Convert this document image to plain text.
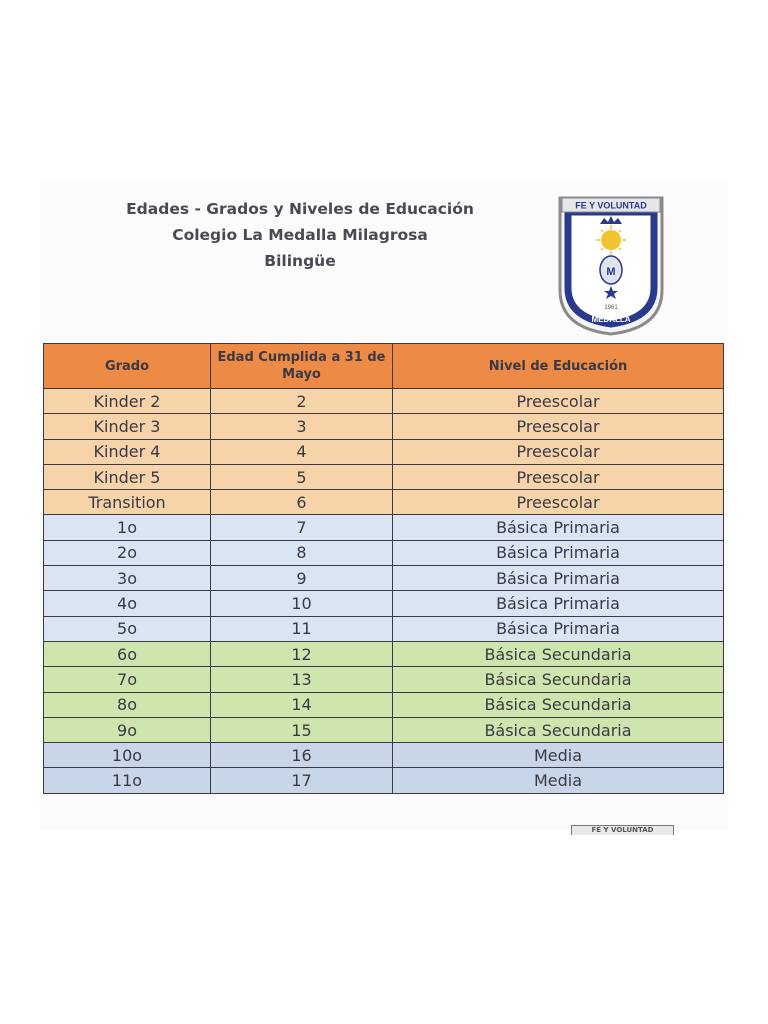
Edades - Grados y Niveles de Educación
Colegio La Medalla Milagrosa
Bilingüe
FE Y VOLUNTAD
M
1961
COLEGIO LA	MILAGROSA
MEDALLA
Grado	Edad Cumplida a 31 de Mayo	Nivel de Educación
Kinder 2	2	Preescolar
Kinder 3	3	Preescolar
Kinder 4	4	Preescolar
Kinder 5	5	Preescolar
Transition	6	Preescolar
1o	7	Básica Primaria
2o	8	Básica Primaria
3o	9	Básica Primaria
4o	10	Básica Primaria
5o	11	Básica Primaria
6o	12	Básica Secundaria
7o	13	Básica Secundaria
8o	14	Básica Secundaria
9o	15	Básica Secundaria
10o	16	Media
11o	17	Media
FE Y VOLUNTAD
